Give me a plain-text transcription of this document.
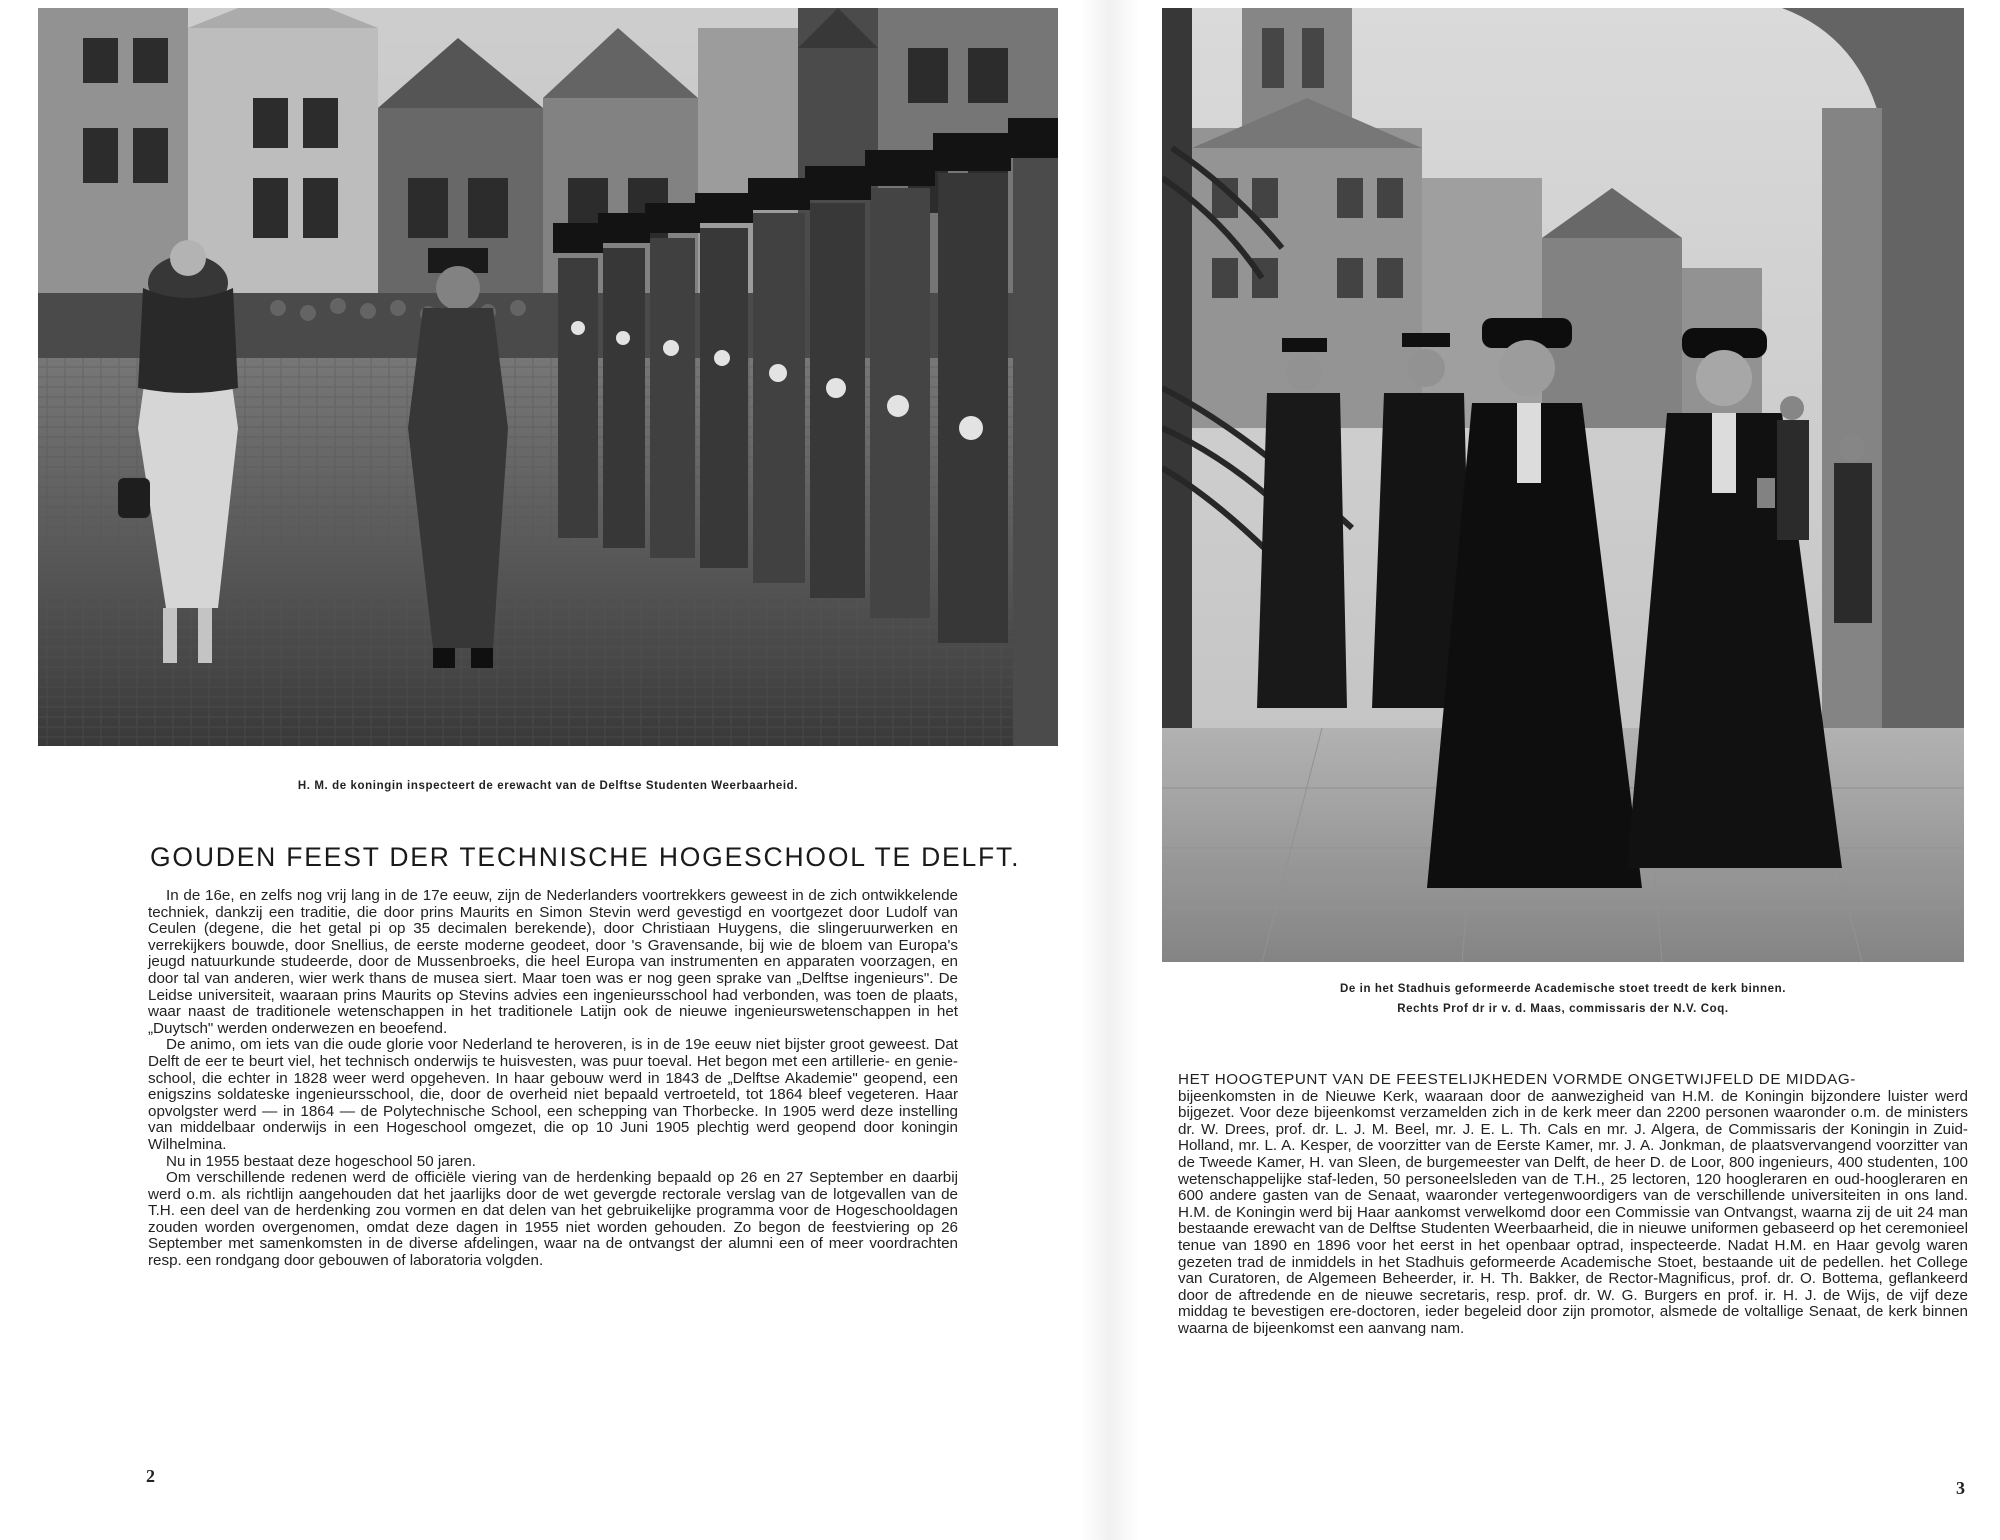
H. M. de koningin inspecteert de erewacht van de Delftse Studenten Weerbaarheid.
GOUDEN FEEST DER TECHNISCHE HOGESCHOOL TE DELFT.

In de 16e, en zelfs nog vrij lang in de 17e eeuw, zijn de Nederlanders voortrekkers geweest in de zich ontwikkelende techniek, dankzij een traditie, die door prins Maurits en Simon Stevin werd gevestigd en voortgezet door Ludolf van Ceulen (degene, die het getal pi op 35 decimalen berekende), door Christiaan Huygens, die slingeruurwerken en verrekijkers bouwde, door Snellius, de eerste moderne geodeet, door 's Gravensande, bij wie de bloem van Europa's jeugd natuurkunde studeerde, door de Mussenbroeks, die heel Europa van instrumenten en apparaten voorzagen, en door tal van anderen, wier werk thans de musea siert. Maar toen was er nog geen sprake van „Delftse ingenieurs". De Leidse universiteit, waaraan prins Maurits op Stevins advies een ingenieursschool had verbonden, was toen de plaats, waar naast de traditionele wetenschappen in het traditionele Latijn ook de nieuwe ingenieurswetenschappen in het „Duytsch" werden onderwezen en beoefend.

De animo, om iets van die oude glorie voor Nederland te heroveren, is in de 19e eeuw niet bijster groot geweest. Dat Delft de eer te beurt viel, het technisch onderwijs te huisvesten, was puur toeval. Het begon met een artillerie- en genie-school, die echter in 1828 weer werd opgeheven. In haar gebouw werd in 1843 de „Delftse Akademie" geopend, een enigszins soldateske ingenieursschool, die, door de overheid niet bepaald vertroeteld, tot 1864 bleef vegeteren. Haar opvolgster werd — in 1864 — de Polytechnische School, een schepping van Thorbecke. In 1905 werd deze instelling van middelbaar onderwijs in een Hogeschool omgezet, die op 10 Juni 1905 plechtig werd geopend door koningin Wilhelmina.

Nu in 1955 bestaat deze hogeschool 50 jaren.

Om verschillende redenen werd de officiële viering van de herdenking bepaald op 26 en 27 September en daarbij werd o.m. als richtlijn aangehouden dat het jaarlijks door de wet gevergde rectorale verslag van de lotgevallen van de T.H. een deel van de herdenking zou vormen en dat delen van het gebruikelijke programma voor de Hogeschooldagen zouden worden overgenomen, omdat deze dagen in 1955 niet worden gehouden. Zo begon de feestviering op 26 September met samenkomsten in de diverse afdelingen, waar na de ontvangst der alumni een of meer voordrachten resp. een rondgang door gebouwen of laboratoria volgden.

2
De in het Stadhuis geformeerde Academische stoet treedt de kerk binnen.
Rechts Prof dr ir v. d. Maas, commissaris der N.V. Coq.

HET HOOGTEPUNT VAN DE FEESTELIJKHEDEN VORMDE ONGETWIJFELD DE MIDDAG-

bijeenkomsten in de Nieuwe Kerk, waaraan door de aanwezigheid van H.M. de Koningin bijzondere luister werd bijgezet. Voor deze bijeenkomst verzamelden zich in de kerk meer dan 2200 personen waaronder o.m. de ministers dr. W. Drees, prof. dr. L. J. M. Beel, mr. J. E. L. Th. Cals en mr. J. Algera, de Commissaris der Koningin in Zuid-Holland, mr. L. A. Kesper, de voorzitter van de Eerste Kamer, mr. J. A. Jonkman, de plaatsvervangend voorzitter van de Tweede Kamer, H. van Sleen, de burgemeester van Delft, de heer D. de Loor, 800 ingenieurs, 400 studenten, 100 wetenschappelijke staf-leden, 50 personeelsleden van de T.H., 25 lectoren, 120 hoogleraren en oud-hoogleraren en 600 andere gasten van de Senaat, waaronder vertegenwoordigers van de verschillende universiteiten in ons land. H.M. de Koningin werd bij Haar aankomst verwelkomd door een Commissie van Ontvangst, waarna zij de uit 24 man bestaande erewacht van de Delftse Studenten Weerbaarheid, die in nieuwe uniformen gebaseerd op het ceremonieel tenue van 1890 en 1896 voor het eerst in het openbaar optrad, inspecteerde. Nadat H.M. en Haar gevolg waren gezeten trad de inmiddels in het Stadhuis geformeerde Academische Stoet, bestaande uit de pedellen. het College van Curatoren, de Algemeen Beheerder, ir. H. Th. Bakker, de Rector-Magnificus, prof. dr. O. Bottema, geflankeerd door de aftredende en de nieuwe secretaris, resp. prof. dr. W. G. Burgers en prof. ir. H. J. de Wijs, de vijf deze middag te bevestigen ere-doctoren, ieder begeleid door zijn promotor, alsmede de voltallige Senaat, de kerk binnen waarna de bijeenkomst een aanvang nam.

3
